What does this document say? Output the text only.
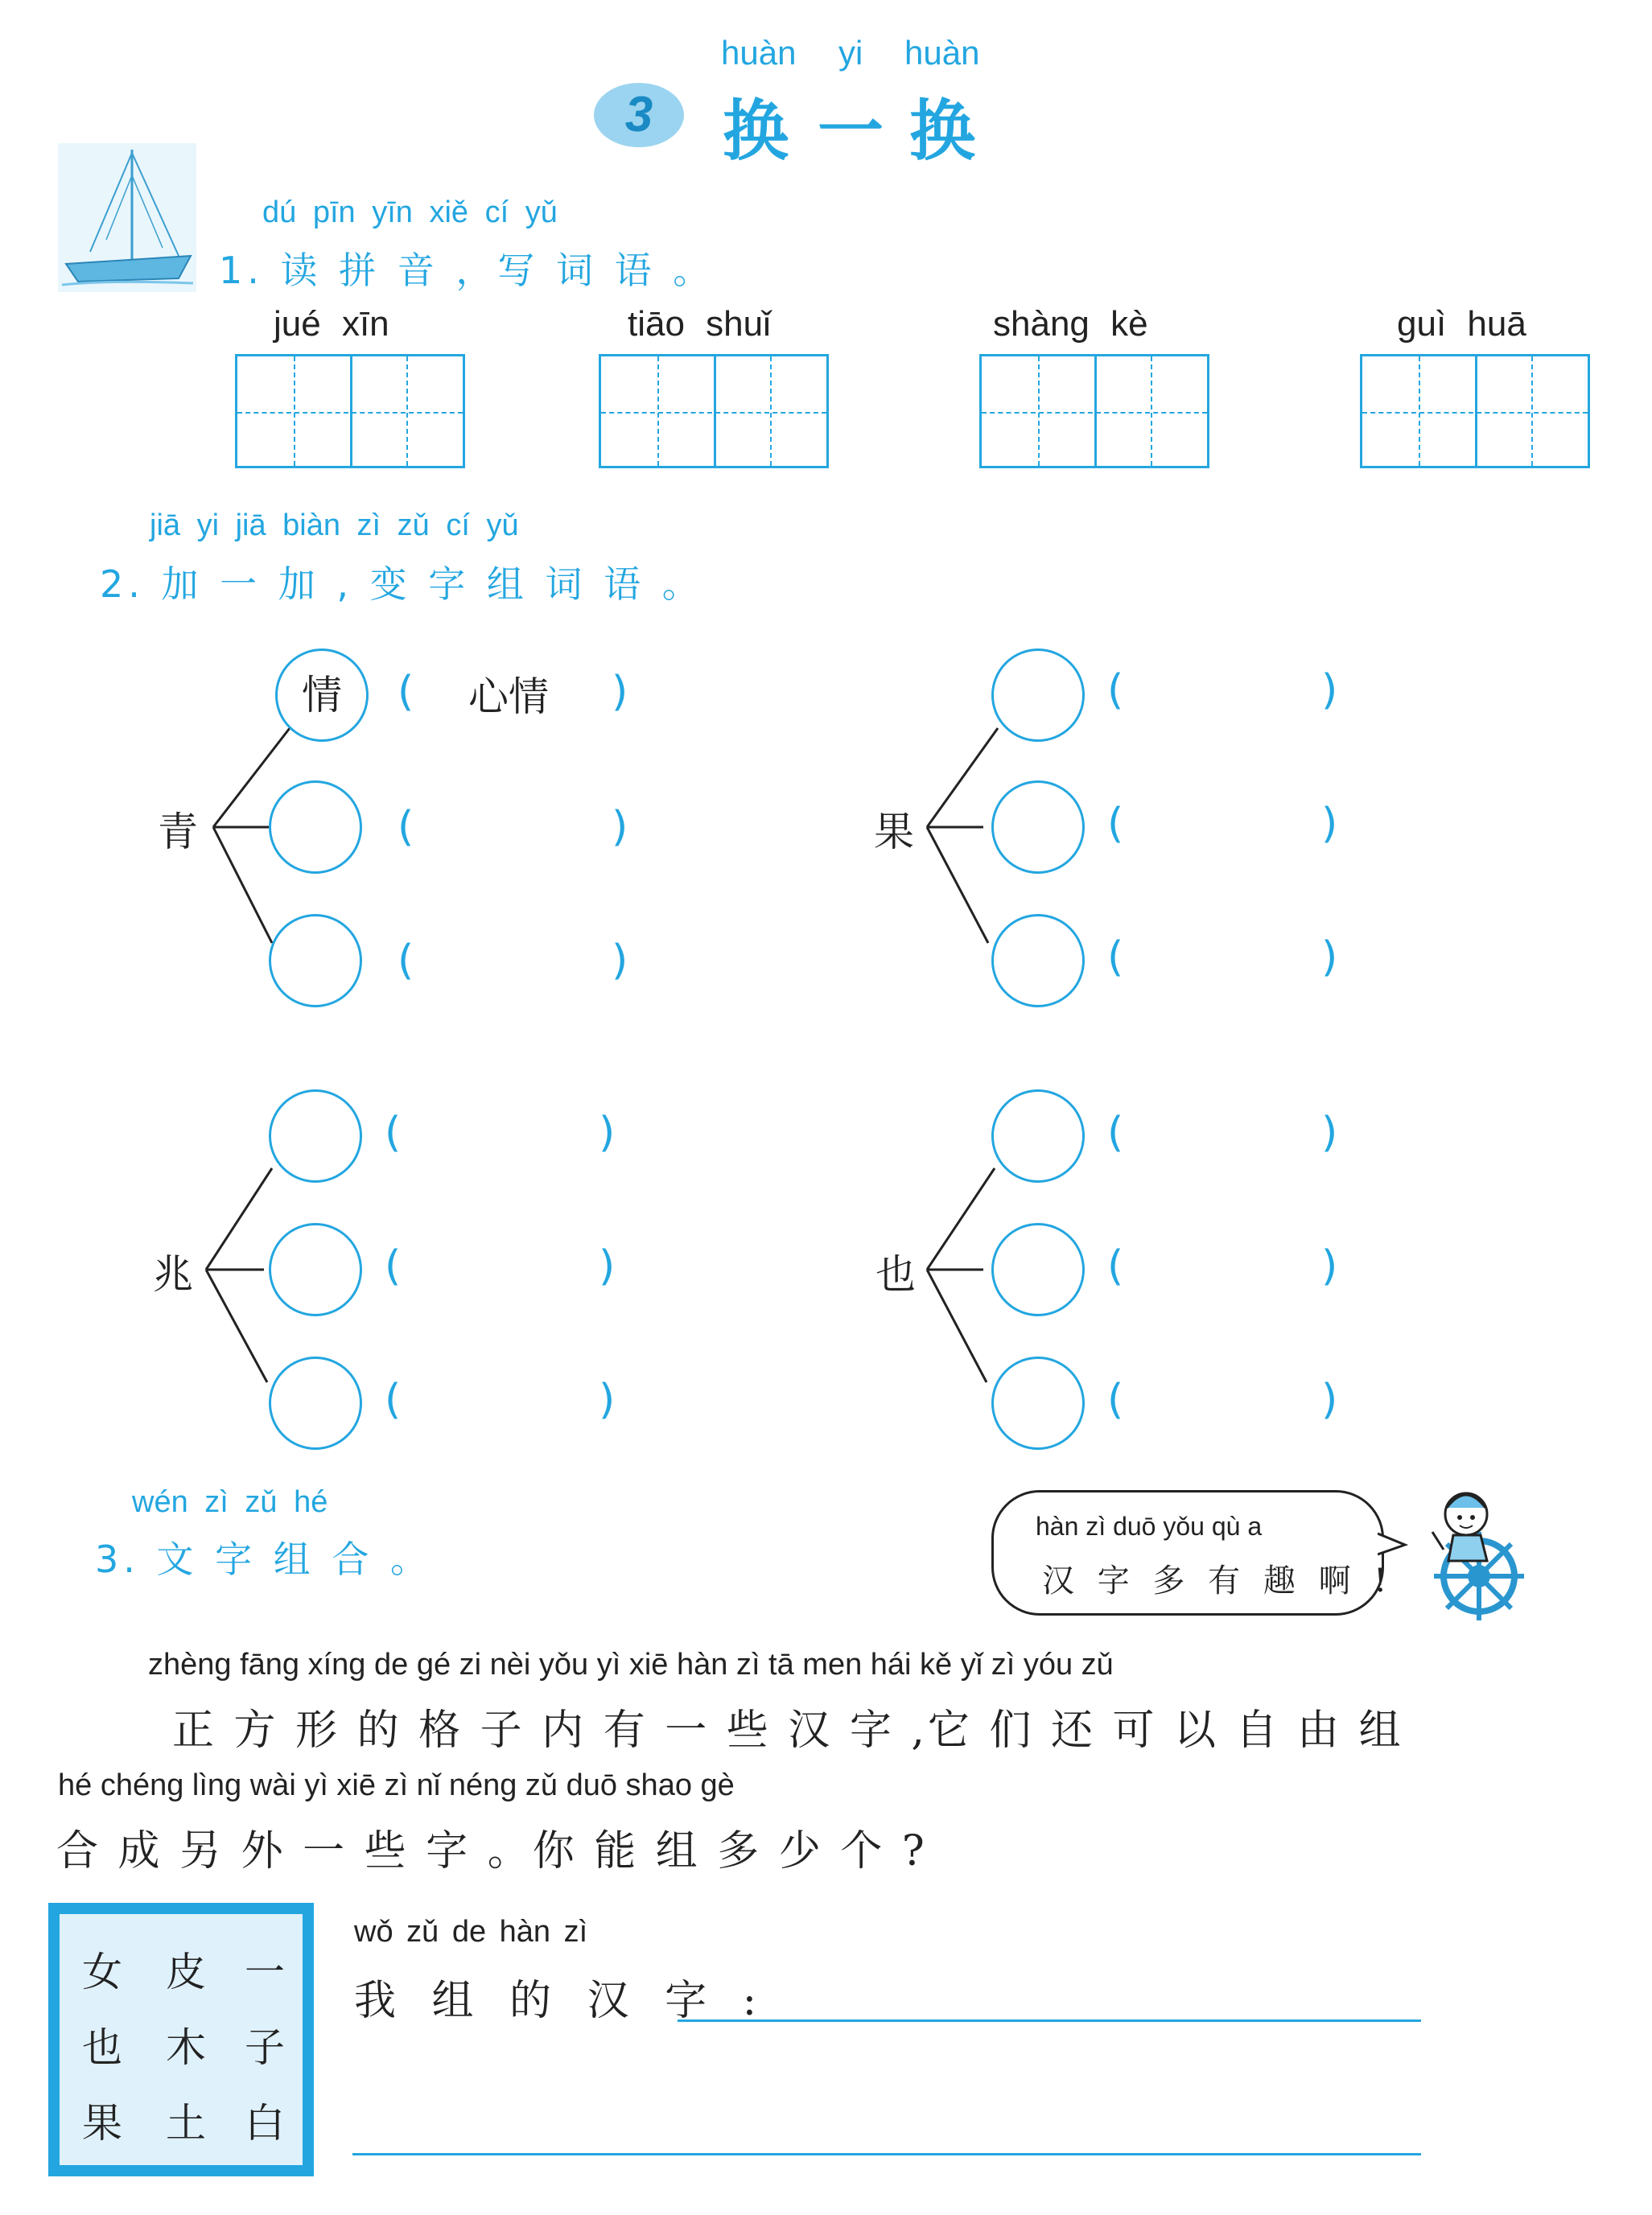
huàn yi huàn
3	换 一 换
dú pīn yīn xiě cí yǔ
1. 读 拼 音 ，写 词 语 。
jué xīn	tiāo shuǐ	shàng kè	guì huā
jiā yi jiā biàn zì zǔ cí yǔ
2. 加 一 加 , 变 字 组 词 语 。
青
情	( 心情 )
(	)
(	)
果
(	)
(	)
(	)
兆
(	)
(	)
(	)
也
(	)
(	)
(	)
wén zì zǔ hé
3. 文 字 组 合 。
hàn zì duō yǒu qù a
汉 字 多 有 趣 啊 !
zhèng fāng xíng de gé zi nèi yǒu yì xiē hàn zì tā men hái kě yǐ zì yóu zǔ
正 方 形 的 格 子 内 有 一 些 汉 字 ,它 们 还 可 以 自 由 组
hé chéng lìng wài yì xiē zì nǐ néng zǔ duō shao gè
合 成 另 外 一 些 字 。你 能 组 多 少 个 ?
女 皮 一
也 木 子
果 土 白
wǒ zǔ de hàn zì
我 组 的 汉 字 :
